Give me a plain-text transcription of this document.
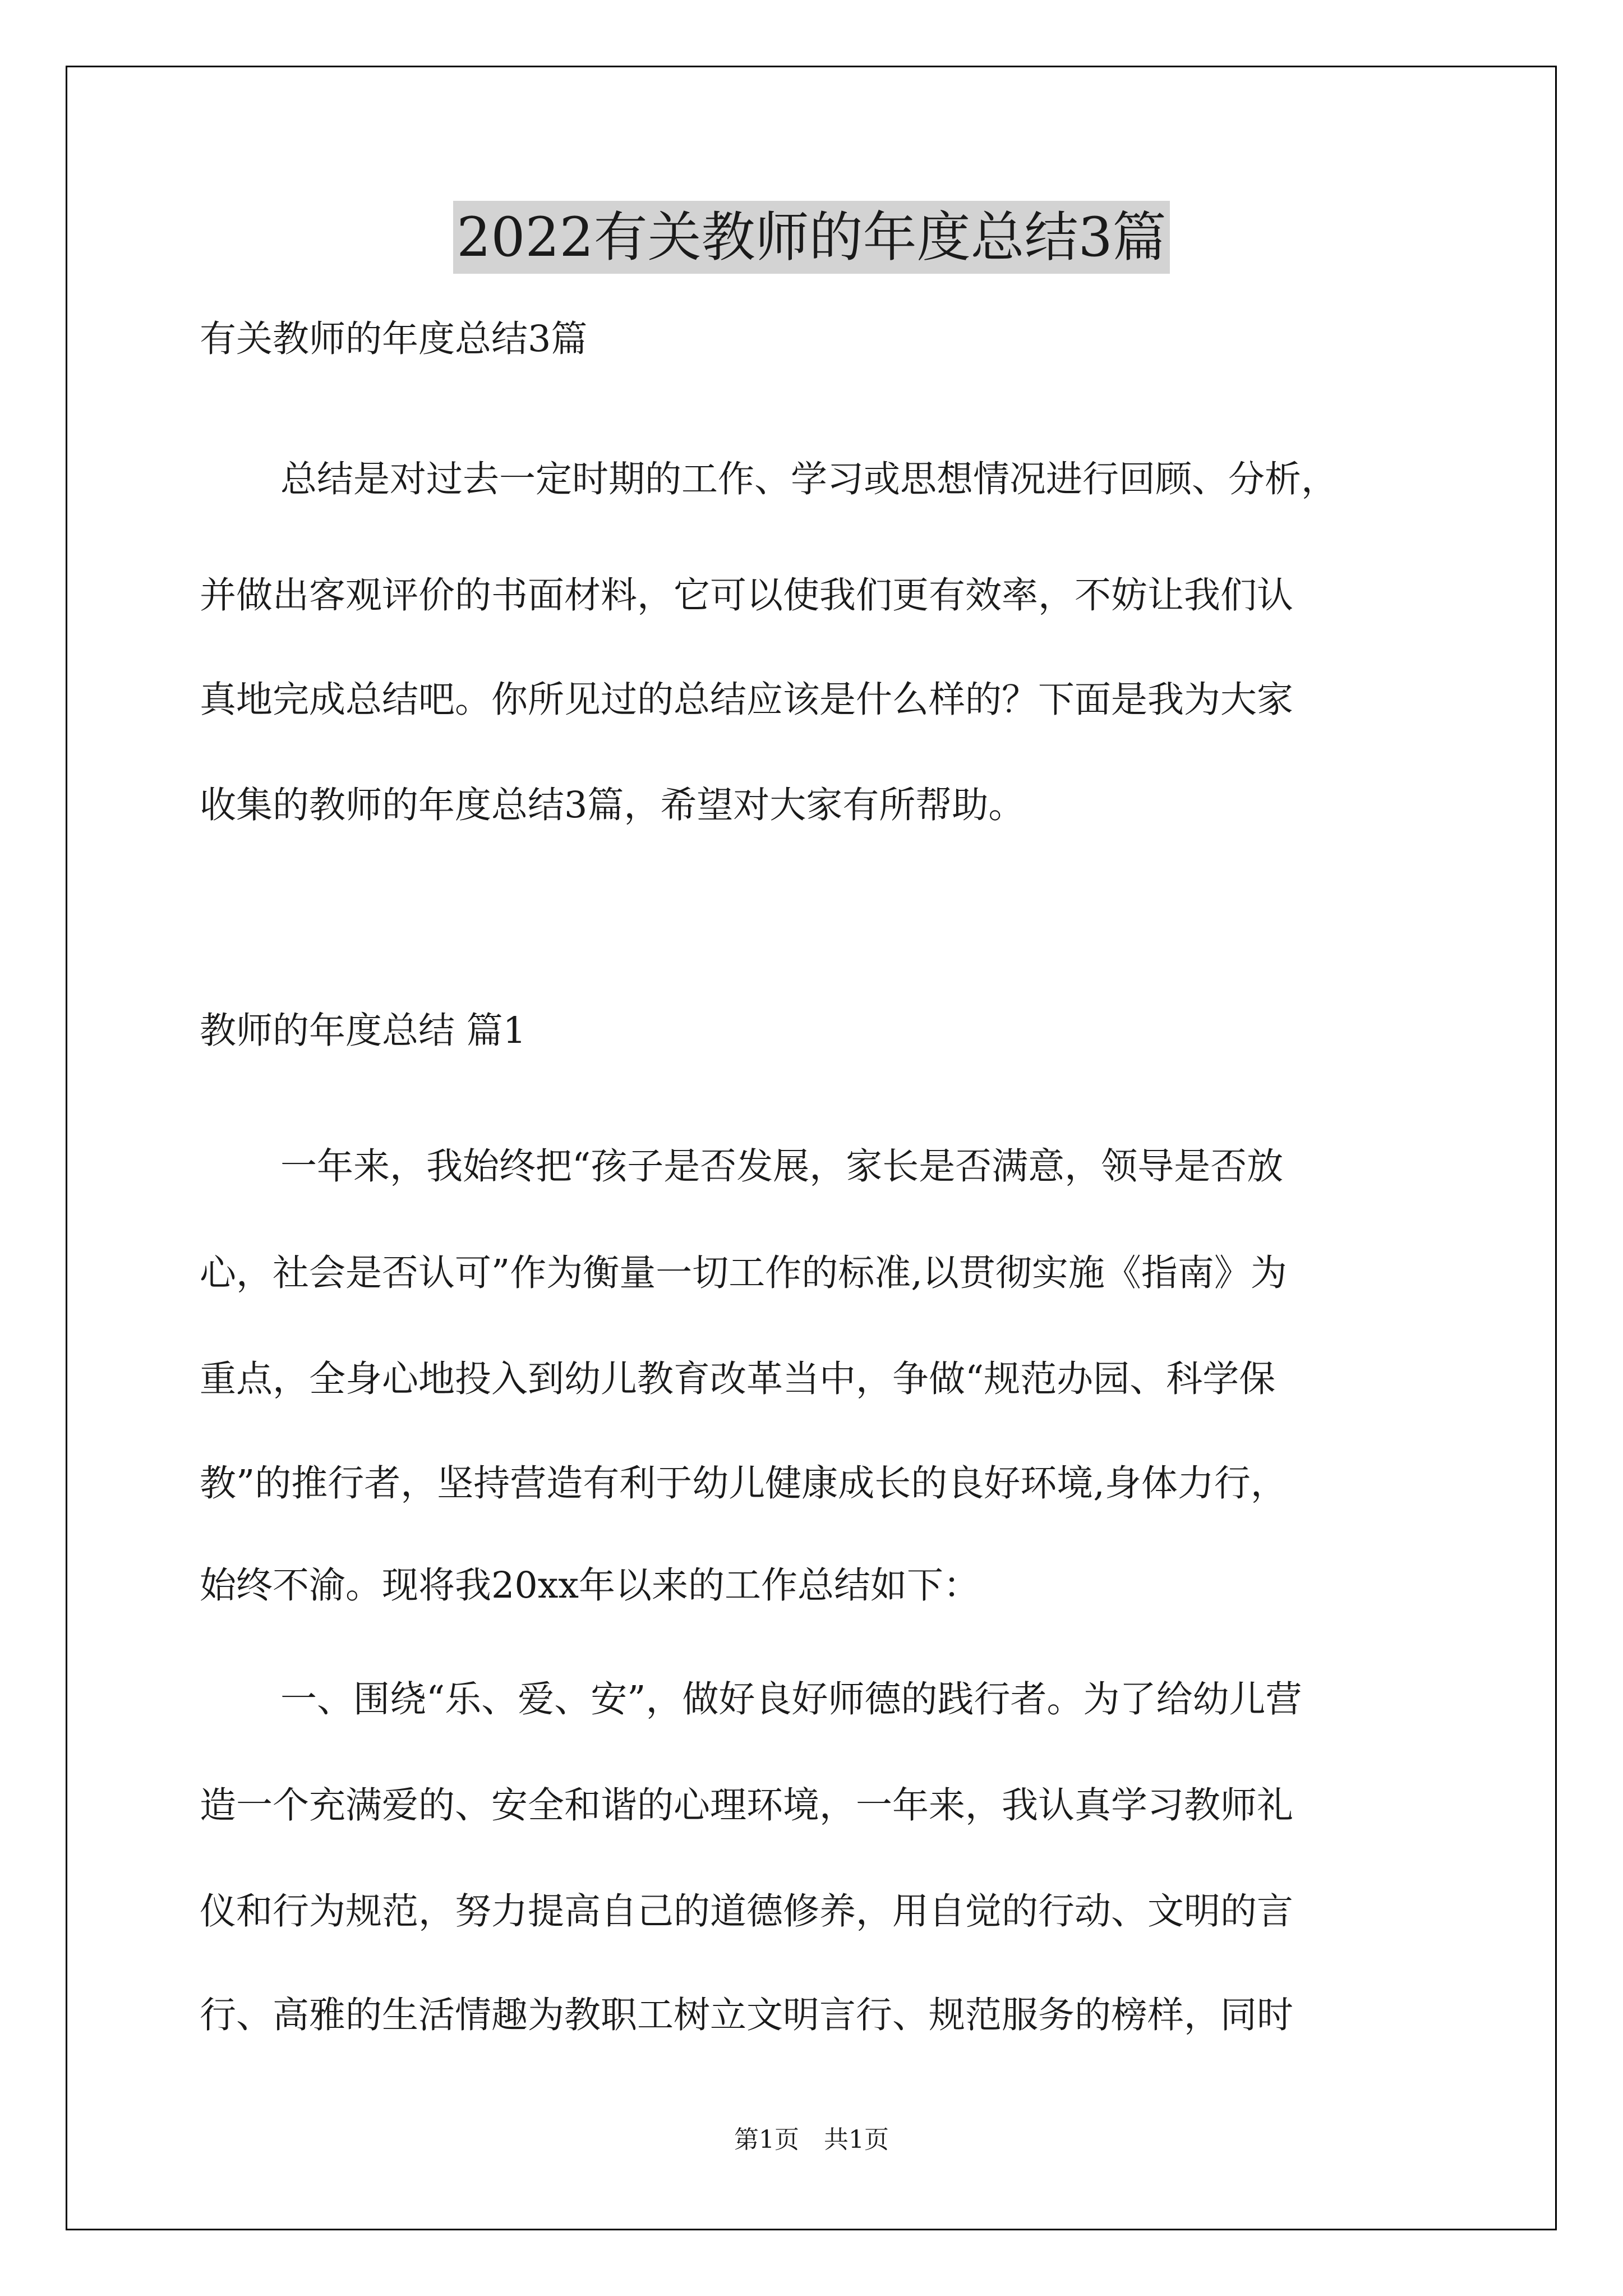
2022有关教师的年度总结3篇

有关教师的年度总结3篇

总结是对过去一定时期的工作、学习或思想情况进行回顾、分析，

并做出客观评价的书面材料，它可以使我们更有效率，不妨让我们认

真地完成总结吧。你所见过的总结应该是什么样的？下面是我为大家

收集的教师的年度总结3篇，希望对大家有所帮助。

教师的年度总结 篇1

一年来，我始终把“孩子是否发展，家长是否满意，领导是否放

心，社会是否认可”作为衡量一切工作的标准,以贯彻实施《指南》为

重点，全身心地投入到幼儿教育改革当中，争做“规范办园、科学保

教”的推行者，坚持营造有利于幼儿健康成长的良好环境,身体力行，

始终不渝。现将我20xx年以来的工作总结如下：

一、围绕“乐、爱、安”，做好良好师德的践行者。为了给幼儿营

造一个充满爱的、安全和谐的心理环境，一年来，我认真学习教师礼

仪和行为规范，努力提高自己的道德修养，用自觉的行动、文明的言

行、高雅的生活情趣为教职工树立文明言行、规范服务的榜样，同时

第1页　共1页
